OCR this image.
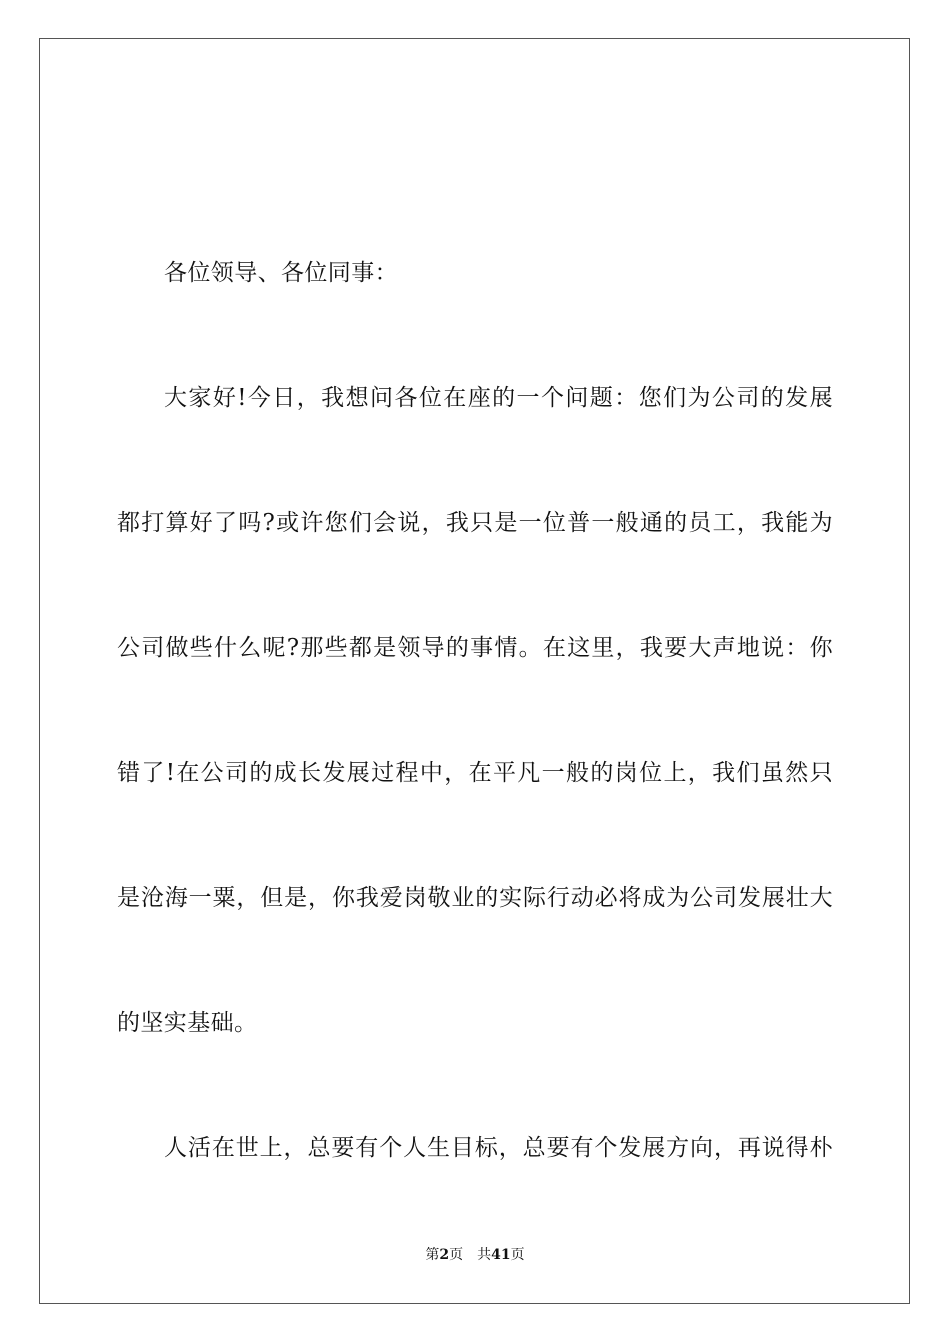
各位领导、各位同事：
大家好!今日，我想问各位在座的一个问题：您们为公司的发展
都打算好了吗?或许您们会说，我只是一位普一般通的员工，我能为
公司做些什么呢?那些都是领导的事情。在这里，我要大声地说：你
错了!在公司的成长发展过程中，在平凡一般的岗位上，我们虽然只
是沧海一粟，但是，你我爱岗敬业的实际行动必将成为公司发展壮大
的坚实基础。
人活在世上，总要有个人生目标，总要有个发展方向，再说得朴
第2页 共41页
